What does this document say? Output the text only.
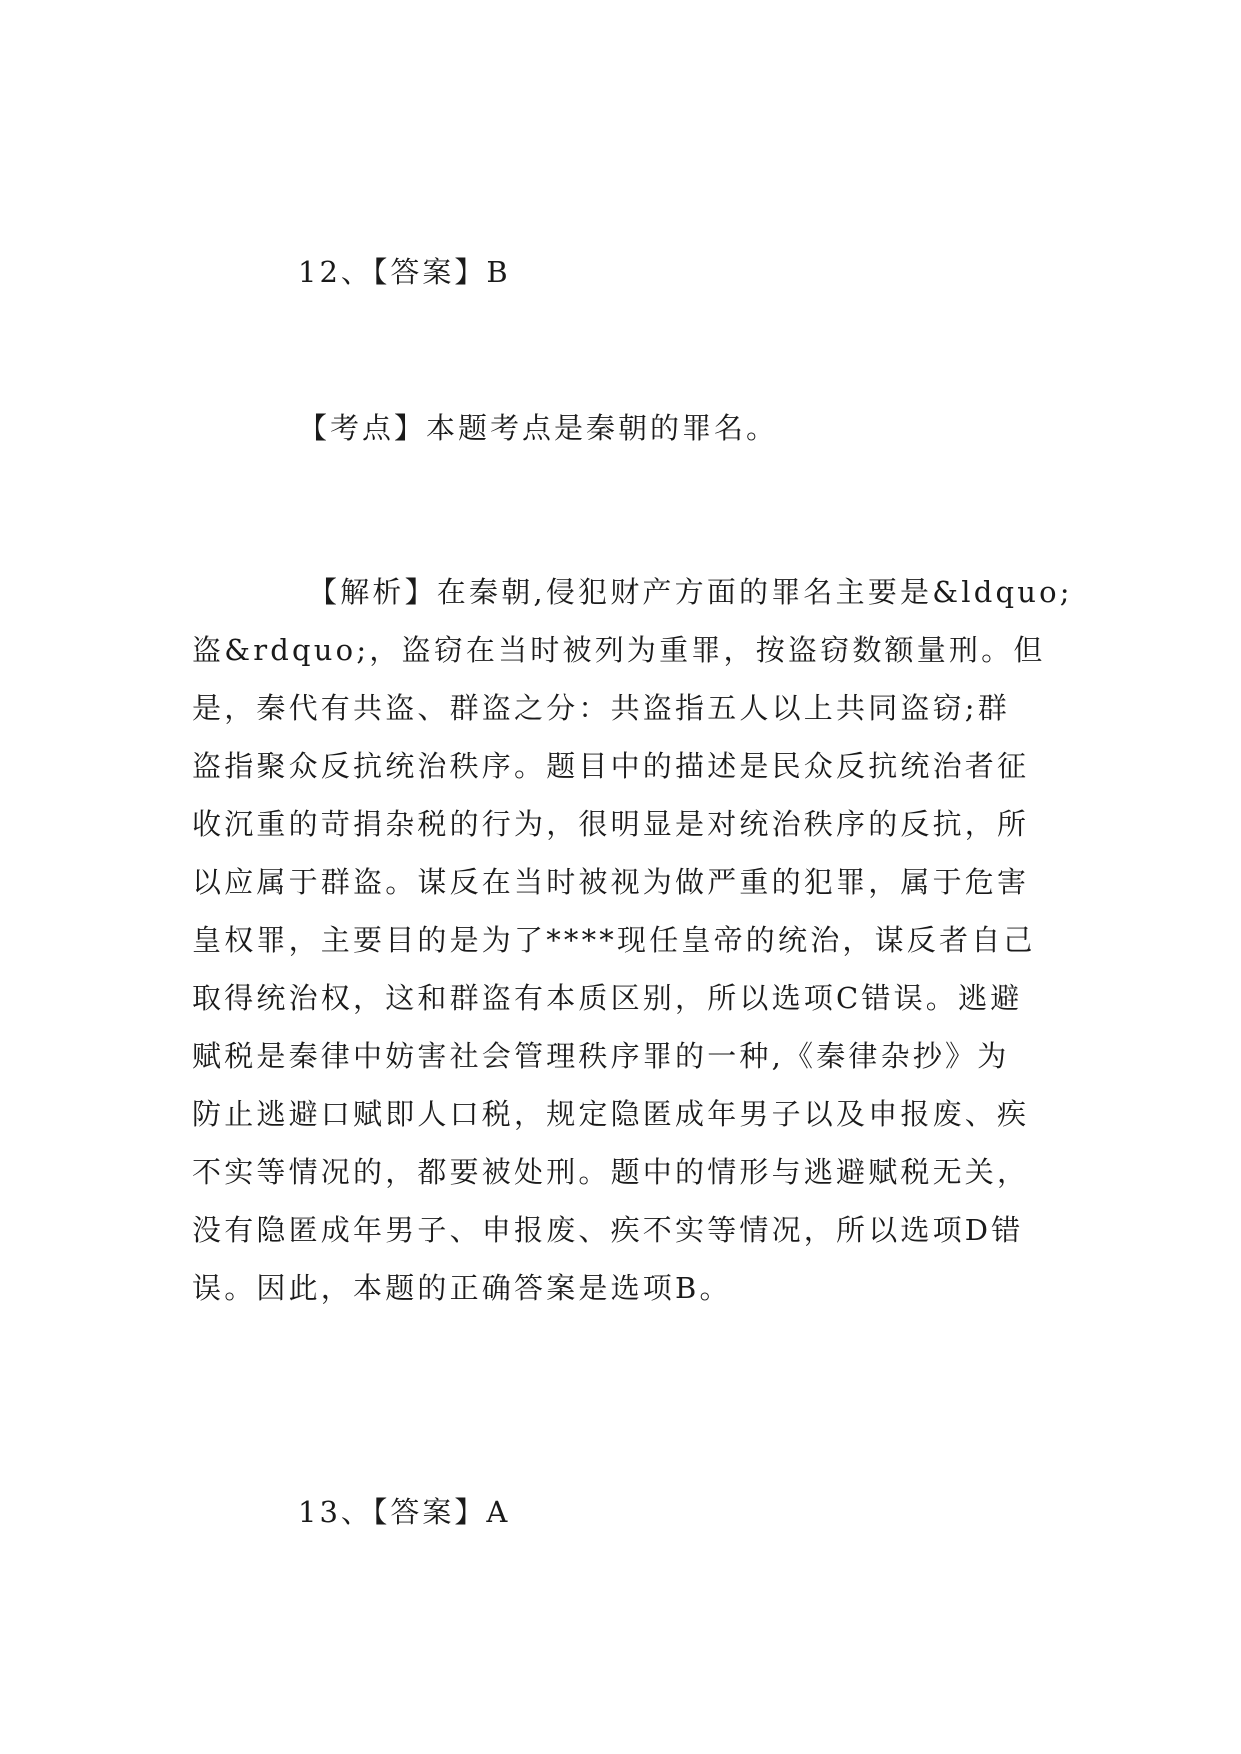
12、【答案】B
【考点】本题考点是秦朝的罪名。
【解析】在秦朝,侵犯财产方面的罪名主要是&ldquo;
盗&rdquo;，盗窃在当时被列为重罪，按盗窃数额量刑。但
是，秦代有共盗、群盗之分：共盗指五人以上共同盗窃;群
盗指聚众反抗统治秩序。题目中的描述是民众反抗统治者征
收沉重的苛捐杂税的行为，很明显是对统治秩序的反抗，所
以应属于群盗。谋反在当时被视为做严重的犯罪，属于危害
皇权罪，主要目的是为了****现任皇帝的统治，谋反者自己
取得统治权，这和群盗有本质区别，所以选项C错误。逃避
赋税是秦律中妨害社会管理秩序罪的一种,《秦律杂抄》为
防止逃避口赋即人口税，规定隐匿成年男子以及申报废、疾
不实等情况的，都要被处刑。题中的情形与逃避赋税无关，
没有隐匿成年男子、申报废、疾不实等情况，所以选项D错
误。因此，本题的正确答案是选项B。
13、【答案】A
